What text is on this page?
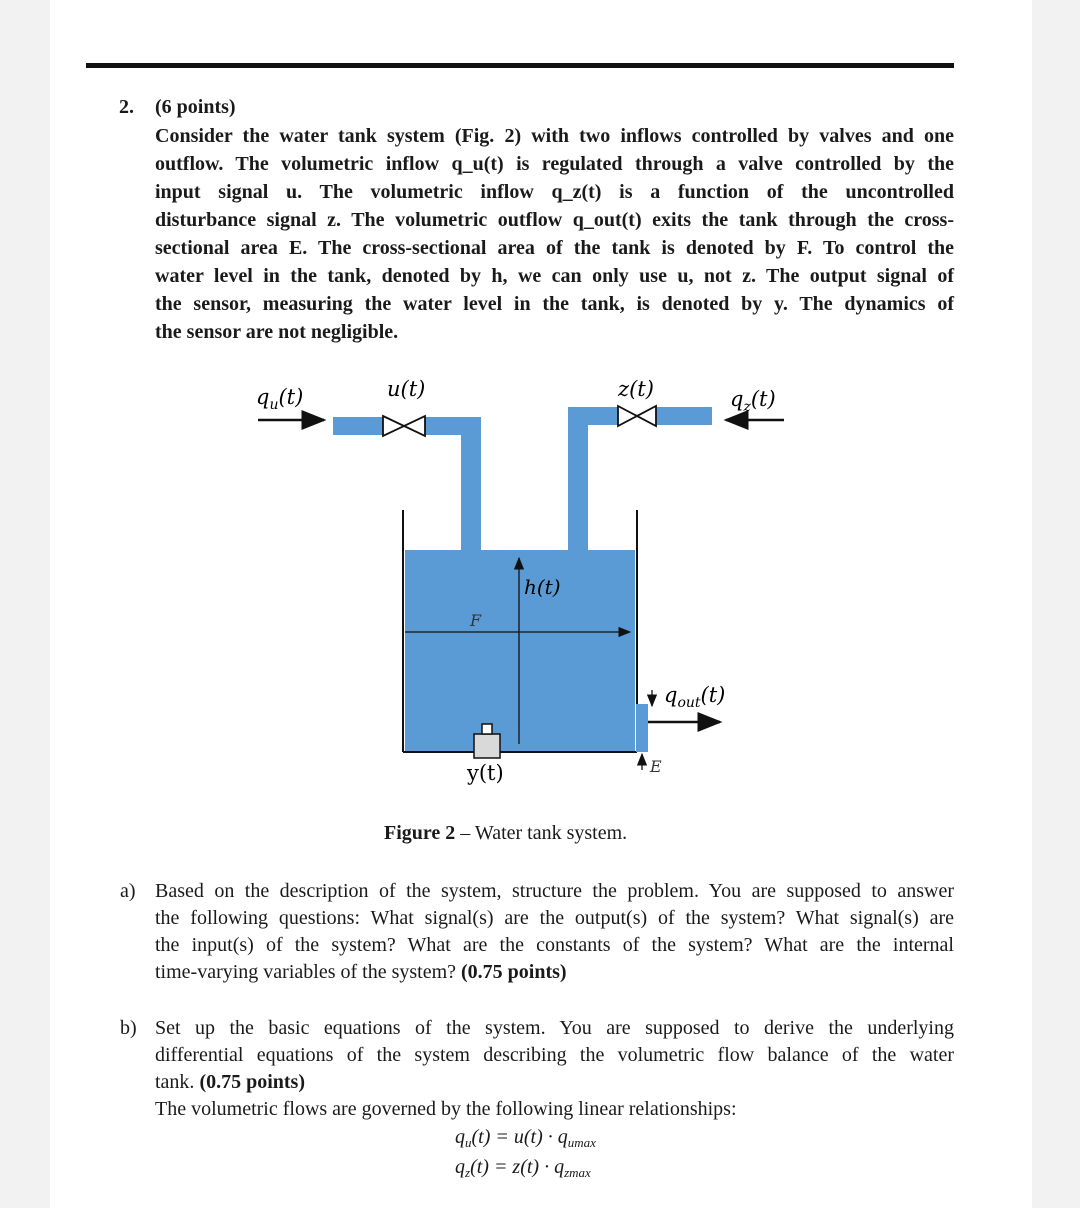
2. (6 points)
Consider the water tank system (Fig. 2) with two inflows controlled by valves and one
outflow. The volumetric inflow q_u(t) is regulated through a valve controlled by the
input signal u. The volumetric inflow q_z(t) is a function of the uncontrolled
disturbance signal z. The volumetric outflow q_out(t) exits the tank through the cross-
sectional area E. The cross-sectional area of the tank is denoted by F. To control the
water level in the tank, denoted by h, we can only use u, not z. The output signal of
the sensor, measuring the water level in the tank, is denoted by y. The dynamics of
the sensor are not negligible.
$q_u(t)$	u(t)	z(t)	$q_z(t)$
h(t)
F
$q_{out}(t)$
E
y(t)
Figure 2 – Water tank system.
a) Based on the description of the system, structure the problem. You are supposed to answer
the following questions: What signal(s) are the output(s) of the system? What signal(s) are
the input(s) of the system? What are the constants of the system? What are the internal
time-varying variables of the system? (0.75 points)
b) Set up the basic equations of the system. You are supposed to derive the underlying
differential equations of the system describing the volumetric flow balance of the water
tank. (0.75 points)
The volumetric flows are governed by the following linear relationships:
$q_u(t) = u(t) \cdot q_{umax}$
$q_z(t) = z(t) \cdot q_{zmax}$
